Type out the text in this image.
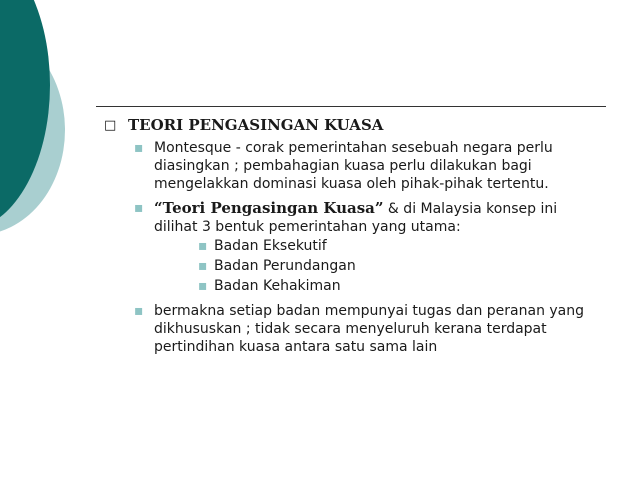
□ TEORI PENGASINGAN KUASA

▪ Montesque - corak pemerintahan sesebuah negara perlu diasingkan ; pembahagian kuasa perlu dilakukan bagi mengelakkan dominasi kuasa oleh pihak-pihak tertentu.

▪ “Teori Pengasingan Kuasa” & di Malaysia konsep ini dilihat 3 bentuk pemerintahan yang utama:

▪ Badan Eksekutif

▪ Badan Perundangan

▪ Badan Kehakiman

▪ bermakna setiap badan mempunyai tugas dan peranan yang dikhususkan ; tidak secara menyeluruh kerana terdapat pertindihan kuasa antara satu sama lain
